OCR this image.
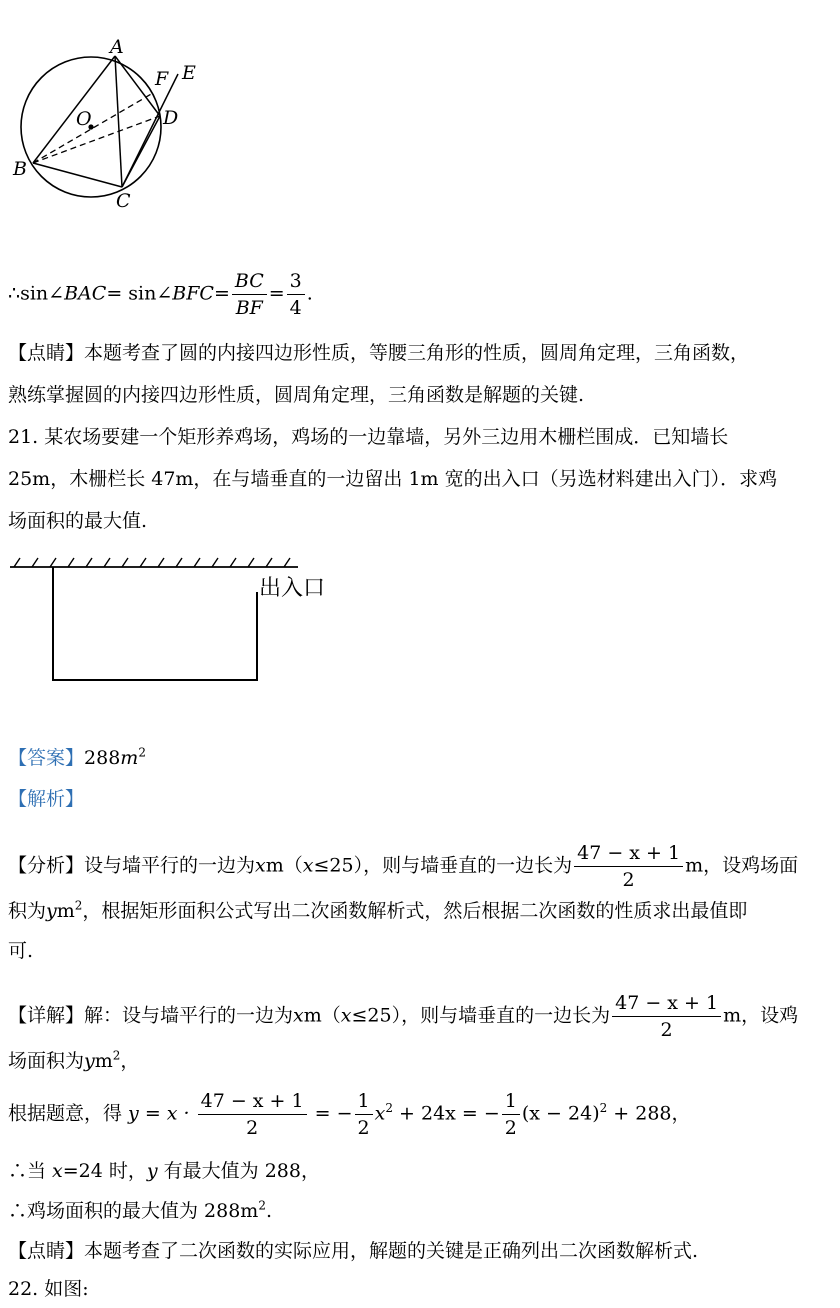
A
F E
O	D
B
C
∴sin∠BAC= sin∠BFC= $\frac{BC}{BF} = \frac{3}{4}$ .
【点睛】本题考查了圆的内接四边形性质，等腰三角形的性质，圆周角定理，三角函数，
熟练掌握圆的内接四边形性质，圆周角定理，三角函数是解题的关键.
21. 某农场要建一个矩形养鸡场，鸡场的一边靠墙，另外三边用木栅栏围成．已知墙长
25m，木栅栏长 47m，在与墙垂直的一边留出 1m 宽的出入口（另选材料建出入门）．求鸡
场面积的最大值.
出入口
【答案】$288m^2$
【解析】
【分析】设与墙平行的一边为xm（x≤25），则与墙垂直的一边长为 $\frac{47 - x + 1}{2}$ m，设鸡场面
积为$ym^2$，根据矩形面积公式写出二次函数解析式，然后根据二次函数的性质求出最值即
可.
【详解】解：设与墙平行的一边为xm（x≤25），则与墙垂直的一边长为 $\frac{47 - x + 1}{2}$ m，设鸡
场面积为$ym^2$，
根据题意，得 $y = x \cdot \frac{47 - x + 1}{2}$ = − $\frac{1}{2} x^2 + 24x$ = − $\frac{1}{2} (x - 24)^2 + 288$，
∴当 x=24 时，y 有最大值为 288，
∴鸡场面积的最大值为 $288m^2$.
【点睛】本题考查了二次函数的实际应用，解题的关键是正确列出二次函数解析式.
22. 如图:
